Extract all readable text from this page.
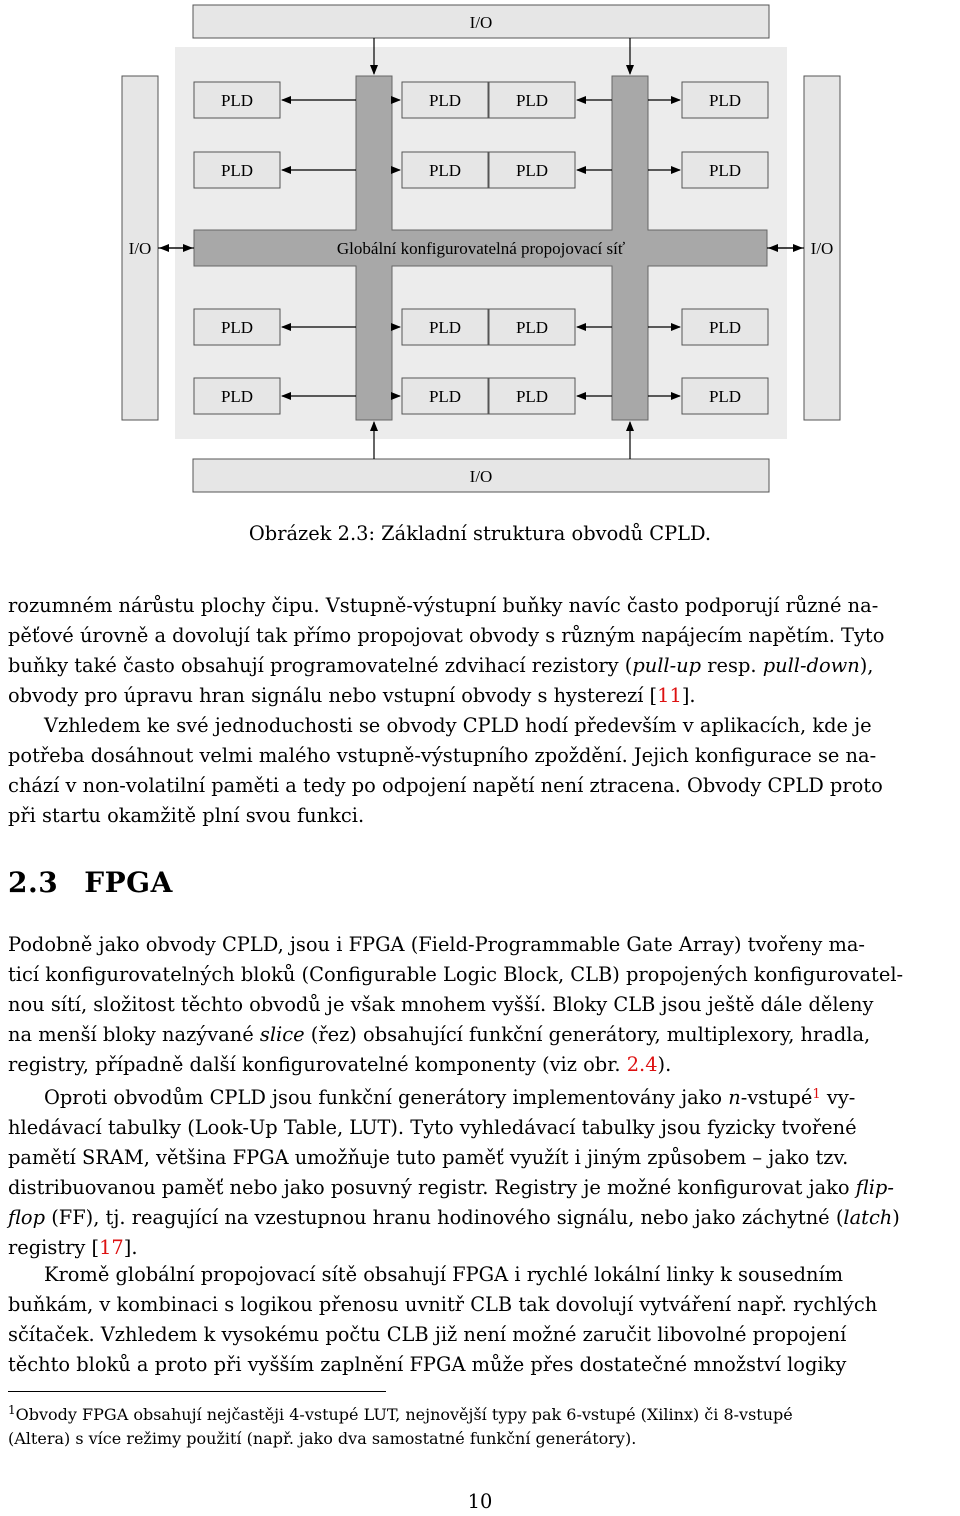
I/O
I/O
I/O	I/O
Globální konfigurovatelná propojovací síť
PLD	PLD	PLD	PLD
PLD	PLD	PLD	PLD
PLD	PLD	PLD	PLD
PLD	PLD	PLD	PLD
Obrázek 2.3: Základní struktura obvodů CPLD.
rozumném nárůstu plochy čipu. Vstupně-výstupní buňky navíc často podporují různé na-
pěťové úrovně a dovolují tak přímo propojovat obvody s různým napájecím napětím. Tyto
buňky také často obsahují programovatelné zdvihací rezistory (pull-up resp. pull-down),
obvody pro úpravu hran signálu nebo vstupní obvody s hysterezí [11].
Vzhledem ke své jednoduchosti se obvody CPLD hodí především v aplikacích, kde je
potřeba dosáhnout velmi malého vstupně-výstupního zpoždění. Jejich konfigurace se na-
chází v non-volatilní paměti a tedy po odpojení napětí není ztracena. Obvody CPLD proto
při startu okamžitě plní svou funkci.
2.3 FPGA
Podobně jako obvody CPLD, jsou i FPGA (Field-Programmable Gate Array) tvořeny ma-
ticí konfigurovatelných bloků (Configurable Logic Block, CLB) propojených konfigurovatel-
nou sítí, složitost těchto obvodů je však mnohem vyšší. Bloky CLB jsou ještě dále děleny
na menší bloky nazývané slice (řez) obsahující funkční generátory, multiplexory, hradla,
registry, případně další konfigurovatelné komponenty (viz obr. 2.4).
Oproti obvodům CPLD jsou funkční generátory implementovány jako n-vstupé$^1$ vy-
hledávací tabulky (Look-Up Table, LUT). Tyto vyhledávací tabulky jsou fyzicky tvořené
pamětí SRAM, většina FPGA umožňuje tuto paměť využít i jiným způsobem – jako tzv.
distribuovanou paměť nebo jako posuvný registr. Registry je možné konfigurovat jako flip-
flop (FF), tj. reagující na vzestupnou hranu hodinového signálu, nebo jako záchytné (latch)
registry [17].
Kromě globální propojovací sítě obsahují FPGA i rychlé lokální linky k sousedním
buňkám, v kombinaci s logikou přenosu uvnitř CLB tak dovolují vytváření např. rychlých
sčítaček. Vzhledem k vysokému počtu CLB již není možné zaručit libovolné propojení
těchto bloků a proto při vyšším zaplnění FPGA může přes dostatečné množství logiky
$^1$Obvody FPGA obsahují nejčastěji 4-vstupé LUT, nejnovější typy pak 6-vstupé (Xilinx) či 8-vstupé
(Altera) s více režimy použití (např. jako dva samostatné funkční generátory).
10
